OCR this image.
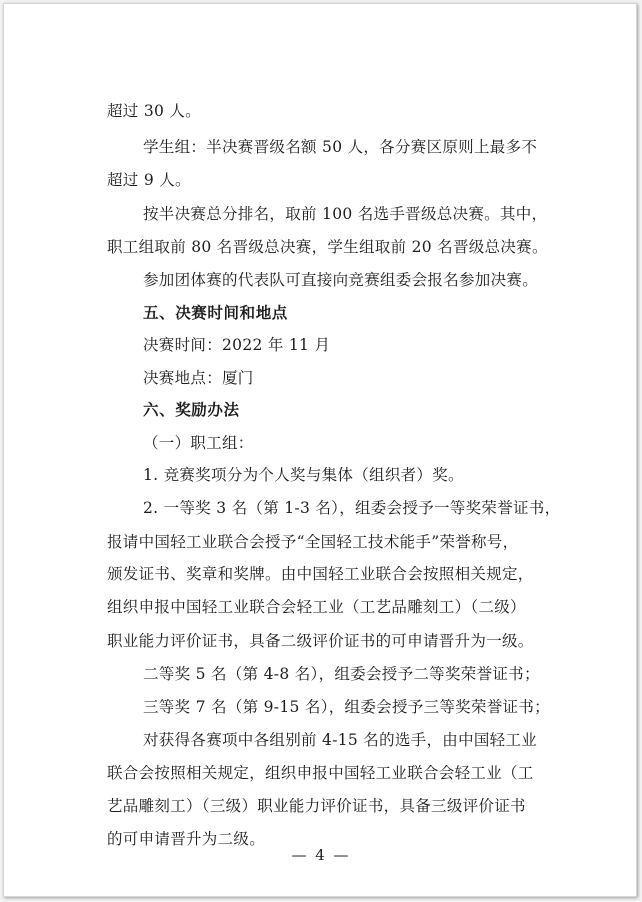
超过 30 人。
学生组：半决赛晋级名额 50 人，各分赛区原则上最多不
超过 9 人。
按半决赛总分排名，取前 100 名选手晋级总决赛。其中，
职工组取前 80 名晋级总决赛，学生组取前 20 名晋级总决赛。
参加团体赛的代表队可直接向竞赛组委会报名参加决赛。
五、决赛时间和地点
决赛时间：2022 年 11 月
决赛地点：厦门
六、奖励办法
（一）职工组：
1. 竞赛奖项分为个人奖与集体（组织者）奖。
2. 一等奖 3 名（第 1-3 名），组委会授予一等奖荣誉证书，
报请中国轻工业联合会授予“全国轻工技术能手”荣誉称号，
颁发证书、奖章和奖牌。由中国轻工业联合会按照相关规定，
组织申报中国轻工业联合会轻工业（工艺品雕刻工）（二级）
职业能力评价证书，具备二级评价证书的可申请晋升为一级。
二等奖 5 名（第 4-8 名），组委会授予二等奖荣誉证书；
三等奖 7 名（第 9-15 名），组委会授予三等奖荣誉证书；
对获得各赛项中各组别前 4-15 名的选手，由中国轻工业
联合会按照相关规定，组织申报中国轻工业联合会轻工业（工
艺品雕刻工）（三级）职业能力评价证书，具备三级评价证书
的可申请晋升为二级。
— 4 —
